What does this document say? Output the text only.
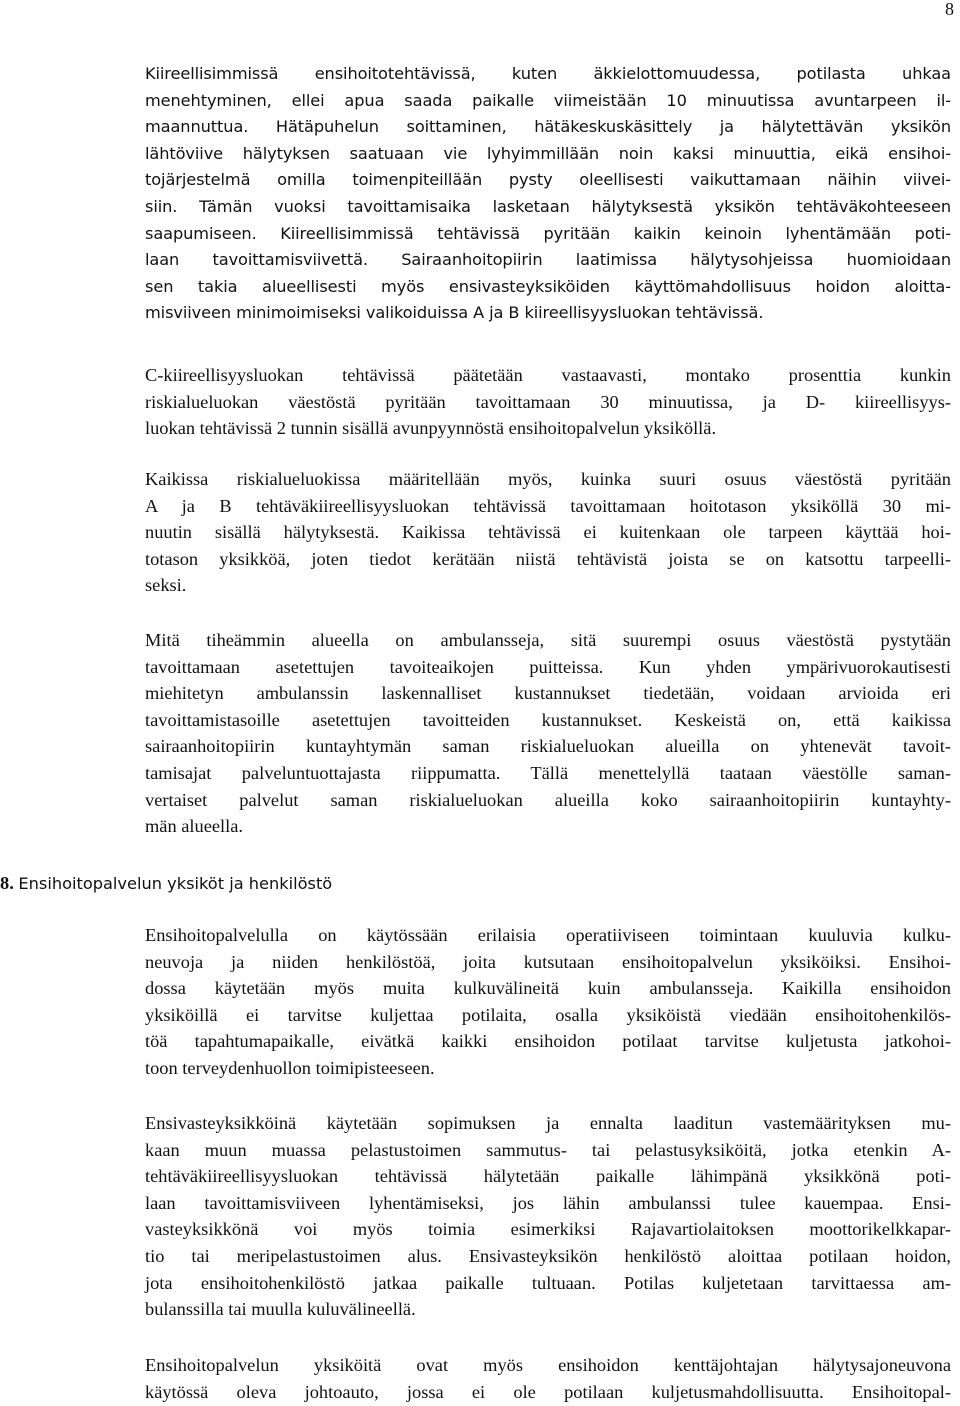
8
Kiireellisimmissä ensihoitotehtävissä, kuten äkkielottomuudessa, potilasta uhkaa
menehtyminen, ellei apua saada paikalle viimeistään 10 minuutissa avuntarpeen il-
maannuttua. Hätäpuhelun soittaminen, hätäkeskuskäsittely ja hälytettävän yksikön
lähtöviive hälytyksen saatuaan vie lyhyimmillään noin kaksi minuuttia, eikä ensihoi-
tojärjestelmä omilla toimenpiteillään pysty oleellisesti vaikuttamaan näihin viivei-
siin. Tämän vuoksi tavoittamisaika lasketaan hälytyksestä yksikön tehtäväkohteeseen
saapumiseen. Kiireellisimmissä tehtävissä pyritään kaikin keinoin lyhentämään poti-
laan tavoittamisviivettä. Sairaanhoitopiirin laatimissa hälytysohjeissa huomioidaan
sen takia alueellisesti myös ensivasteyksiköiden käyttömahdollisuus hoidon aloitta-
misviiveen minimoimiseksi valikoiduissa A ja B kiireellisyysluokan tehtävissä.
C-kiireellisyysluokan tehtävissä päätetään vastaavasti, montako prosenttia kunkin
riskialueluokan väestöstä pyritään tavoittamaan 30 minuutissa, ja D- kiireellisyys-
luokan tehtävissä 2 tunnin sisällä avunpyynnöstä ensihoitopalvelun yksiköllä.
Kaikissa riskialueluokissa määritellään myös, kuinka suuri osuus väestöstä pyritään
A ja B tehtäväkiireellisyysluokan tehtävissä tavoittamaan hoitotason yksiköllä 30 mi-
nuutin sisällä hälytyksestä. Kaikissa tehtävissä ei kuitenkaan ole tarpeen käyttää hoi-
totason yksikköä, joten tiedot kerätään niistä tehtävistä joista se on katsottu tarpeelli-
seksi.
Mitä tiheämmin alueella on ambulansseja, sitä suurempi osuus väestöstä pystytään
tavoittamaan asetettujen tavoiteaikojen puitteissa. Kun yhden ympärivuorokautisesti
miehitetyn ambulanssin laskennalliset kustannukset tiedetään, voidaan arvioida eri
tavoittamistasoille asetettujen tavoitteiden kustannukset. Keskeistä on, että kaikissa
sairaanhoitopiirin kuntayhtymän saman riskialueluokan alueilla on yhtenevät tavoit-
tamisajat palveluntuottajasta riippumatta. Tällä menettelyllä taataan väestölle saman-
vertaiset palvelut saman riskialueluokan alueilla koko sairaanhoitopiirin kuntayhty-
män alueella.
8. Ensihoitopalvelun yksiköt ja henkilöstö
Ensihoitopalvelulla on käytössään erilaisia operatiiviseen toimintaan kuuluvia kulku-
neuvoja ja niiden henkilöstöä, joita kutsutaan ensihoitopalvelun yksiköiksi. Ensihoi-
dossa käytetään myös muita kulkuvälineitä kuin ambulansseja. Kaikilla ensihoidon
yksiköillä ei tarvitse kuljettaa potilaita, osalla yksiköistä viedään ensihoitohenkilös-
töä tapahtumapaikalle, eivätkä kaikki ensihoidon potilaat tarvitse kuljetusta jatkohoi-
toon terveydenhuollon toimipisteeseen.
Ensivasteyksikköinä käytetään sopimuksen ja ennalta laaditun vastemäärityksen mu-
kaan muun muassa pelastustoimen sammutus- tai pelastusyksiköitä, jotka etenkin A-
tehtäväkiireellisyysluokan tehtävissä hälytetään paikalle lähimpänä yksikkönä poti-
laan tavoittamisviiveen lyhentämiseksi, jos lähin ambulanssi tulee kauempaa. Ensi-
vasteyksikkönä voi myös toimia esimerkiksi Rajavartiolaitoksen moottorikelkkapar-
tio tai meripelastustoimen alus. Ensivasteyksikön henkilöstö aloittaa potilaan hoidon,
jota ensihoitohenkilöstö jatkaa paikalle tultuaan. Potilas kuljetetaan tarvittaessa am-
bulanssilla tai muulla kuluvälineellä.
Ensihoitopalvelun yksiköitä ovat myös ensihoidon kenttäjohtajan hälytysajoneuvona
käytössä oleva johtoauto, jossa ei ole potilaan kuljetusmahdollisuutta. Ensihoitopal-
